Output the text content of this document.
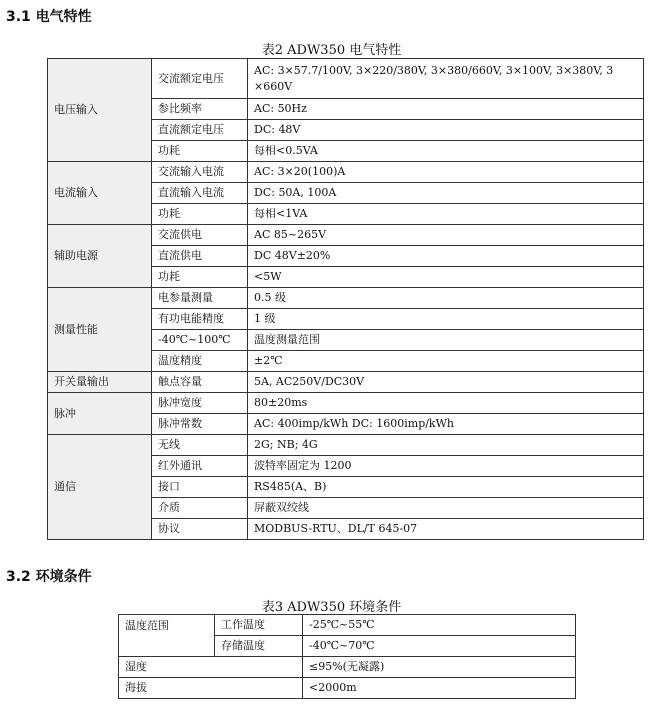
3.1 电气特性
表2 ADW350 电气特性
电压输入	交流额定电压	AC: 3×57.7/100V, 3×220/380V, 3×380/660V, 3×100V, 3×380V, 3 ×660V
	参比频率	AC: 50Hz
	直流额定电压	DC: 48V
	功耗	每相<0.5VA
电流输入	交流输入电流	AC: 3×20(100)A
	直流输入电流	DC: 50A, 100A
	功耗	每相<1VA
辅助电源	交流供电	AC 85~265V
	直流供电	DC 48V±20%
	功耗	<5W
测量性能	电参量测量	0.5 级
	有功电能精度	1 级
	-40℃~100℃	温度测量范围
	温度精度	±2℃
开关量输出	触点容量	5A, AC250V/DC30V
脉冲	脉冲宽度	80±20ms
	脉冲常数	AC: 400imp/kWh DC: 1600imp/kWh
通信	无线	2G; NB; 4G
	红外通讯	波特率固定为 1200
	接口	RS485(A、B)
	介质	屏蔽双绞线
	协议	MODBUS-RTU、DL/T 645-07
3.2 环境条件
表3 ADW350 环境条件
温度范围	工作温度	-25℃~55℃
	存储温度	-40℃~70℃
湿度		≤95%(无凝露)
海拔		<2000m
